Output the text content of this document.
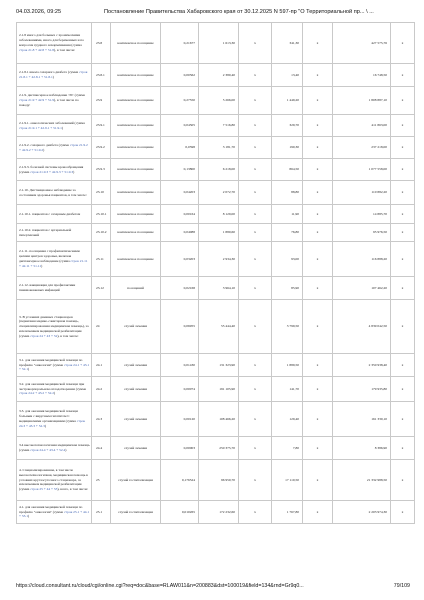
04.03.2026, 09:25	Постановление Правительства Хабаровского края от 30.12.2025 N 597-пр "О Территориальной пр... \ ...
2.1.8 иного для больных с хроническими заболеваниями, иного для беременных и по вопросам грудного вскармливания (сумма строк 21.8 + 42.8 + 51.8), в том числе:	23.8	комплексное посещение	0,21677	1 613,30	x	341,30	x	427 575,76	x
2.1.8.1 школа сахарного диабета (сумма строк 21.8.1 + 42.8.1 + 51.8.1)	23.8.1	комплексное посещение	0,00562	2 380,40	x	13,40	x	16 748,50	x
2.1.9. диспансерное наблюдение <8> (сумма строк 21.9 + 42.9 + 51.9), в том числе по поводу:	23.9	комплексное посещение	0,27550	5 266,00	x	1 449,20	x	1 808 887,10	x
2.1.9.1. онкологических заболеваний (сумма строк 21.9.1 + 42.9.1 + 51.9.1)	23.9.1	комплексное посещение	0,04505	7 516,80	x	329,70	x	411 863,00	x
2.1.9.2. сахарного диабета (сумма строк 21.9.2 + 42.9.2 + 51.9.2)	23.9.2	комплексное посещение	0,0598	3 181,70	x	190,30	x	237 218,00	x
2.1.9.3. болезней системы кровообращения (сумма строк 21.9.3 + 42.9.3 + 51.9.3)	23.9.3	комплексное посещение	0,13800	6 218,00	x	864,50	x	1 077 558,00	x
2.1.10. Дистанционное наблюдение за состоянием здоровья пациентов, в том числе:	23.10	комплексное посещение	0,04203	2 072,70	x	88,80	x	110 882,20	x
2.1.10.1. пациентов с сахарным диабетом	23.10.1	комплексное посещение	0,00164	8 129,00	x	11,90	x	14 885,70	x
2.1.10.2. пациентов с артериальной гипертензией	23.10.2	комплексное посещение	0,04088	1 880,60	x	76,80	x	95 976,50	x
2.1.11. посещения с профилактическими целями центров здоровья, включая диспансерное наблюдение (сумма строк 21.11 + 42.11 + 51.11)	23.11	комплексное посещение	0,03203	2 934,30	x	93,00	x	116 888,20	x
2.1.12. вакцинация для профилактики пневмококковых инфекций	23.12	посещений	0,02168	3 964,10	x	85,90	x	107 462,20	x
3. В условиях дневных стационаров (первичная медико-санитарная помощь, специализированная медицинская помощь), за исключением медицинской реабилитации (сумма строк 24 + 43 + 52), в том числе:	24	случай лечения	0,06955	55 444,40	x	3 799,50	x	4 839 042,50	x
3.1. для оказания медицинской помощи по профилю "онкология" (сумма строк 24.1 + 43.1 + 52.1)	24.1	случай лечения	0,01430	131 323,90	x	1 889,50	x	2 350 938,40	x
3.2. для оказания медицинской помощи при экстракорпоральном оплодотворении (сумма строк 24.2 + 43.2 + 52.2)	24.2	случай лечения	0,00074	191 105,90	x	141,70	x	179 935,80	x
3.3. для оказания медицинской помощи больным с вирусным гепатитом С медицинскими организациями (сумма строк 24.3 + 43.3 + 52.3)	24.3	случай лечения	0,00120	108 466,20	x	129,40	x	161 330,10	x
3.4 высокотехнологичная медицинская помощь (сумма строк 24.4 + 43.4 + 52.4)	24.4	случай лечения	0,00003	250 375,70	x	7,80	x	8 386,90	x
4. Специализированная, в том числе высокотехнологичная, медицинская помощь в условиях круглосуточного стационара, за исключением медицинской реабилитации (сумма строк 25 + 44 + 53), всего, в том числе:	25	случай госпитализации	0,176524	96 950,70	x	17 110,50	x	21 332 988,50	x
4.1. для оказания медицинской помощи по профилю "онкология" (сумма строк 25.1 + 44.1 + 53.1)	25.1	случай госпитализации	0,010265	172 232,60	x	1 767,80	x	2 203 974,30	x
https://cloud.consultant.ru/cloud/cgi/online.cgi?req=doc&base=RLAW011&n=200883&dst=100019&field=134&rnd=Gr9q0...	79/109
